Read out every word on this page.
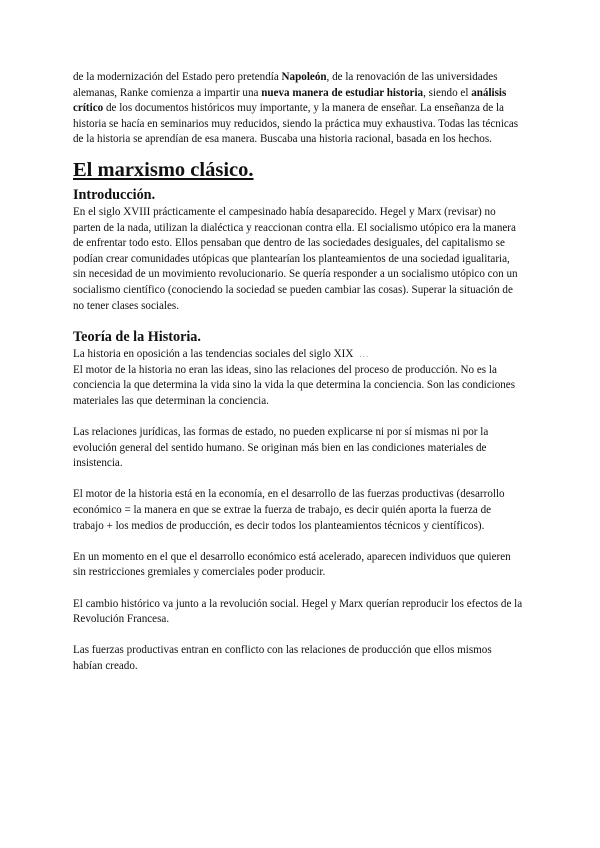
de la modernización del Estado pero pretendía Napoleón, de la renovación de las universidades alemanas, Ranke comienza a impartir una nueva manera de estudiar historia, siendo el análisis crítico de los documentos históricos muy importante, y la manera de enseñar. La enseñanza de la historia se hacía en seminarios muy reducidos, siendo la práctica muy exhaustiva. Todas las técnicas de la historia se aprendían de esa manera. Buscaba una historia racional, basada en los hechos.

El marxismo clásico.
Introducción.

En el siglo XVIII prácticamente el campesinado había desaparecido. Hegel y Marx (revisar) no parten de la nada, utilizan la dialéctica y reaccionan contra ella. El socialismo utópico era la manera de enfrentar todo esto. Ellos pensaban que dentro de las sociedades desiguales, del capitalismo se podían crear comunidades utópicas que plantearían los planteamientos de una sociedad igualitaria, sin necesidad de un movimiento revolucionario. Se quería responder a un socialismo utópico con un socialismo científico (conociendo la sociedad se pueden cambiar las cosas). Superar la situación de no tener clases sociales.

Teoría de la Historia.

La historia en oposición a las tendencias sociales del siglo XIX ...

El motor de la historia no eran las ideas, sino las relaciones del proceso de producción. No es la conciencia la que determina la vida sino la vida la que determina la conciencia. Son las condiciones materiales las que determinan la conciencia.

Las relaciones jurídicas, las formas de estado, no pueden explicarse ni por sí mismas ni por la evolución general del sentido humano. Se originan más bien en las condiciones materiales de insistencia.

El motor de la historia está en la economía, en el desarrollo de las fuerzas productivas (desarrollo económico = la manera en que se extrae la fuerza de trabajo, es decir quién aporta la fuerza de trabajo + los medios de producción, es decir todos los planteamientos técnicos y científicos).

En un momento en el que el desarrollo económico está acelerado, aparecen individuos que quieren sin restricciones gremiales y comerciales poder producir.

El cambio histórico va junto a la revolución social. Hegel y Marx querían reproducir los efectos de la Revolución Francesa.

Las fuerzas productivas entran en conflicto con las relaciones de producción que ellos mismos habían creado.
